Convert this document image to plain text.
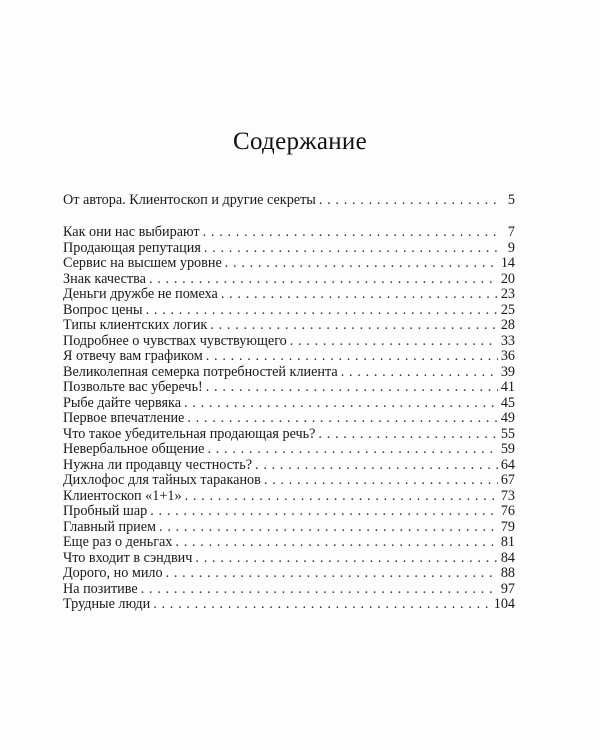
Содержание
От автора. Клиентоскоп и другие секреты . . .	5
Как они нас выбирают . . .	7
Продающая репутация . . .	9
Сервис на высшем уровне . . .	14
Знак качества . . .	20
Деньги дружбе не помеха . . .	23
Вопрос цены . . .	25
Типы клиентских логик . . .	28
Подробнее о чувствах чувствующего . . .	33
Я отвечу вам графиком . . .	36
Великолепная семерка потребностей клиента . . .	39
Позвольте вас уберечь! . . .	41
Рыбе дайте червяка . . .	45
Первое впечатление . . .	49
Что такое убедительная продающая речь? . . .	55
Невербальное общение . . .	59
Нужна ли продавцу честность? . . .	64
Дихлофос для тайных тараканов . . .	67
Клиентоскоп «1+1» . . .	73
Пробный шар . . .	76
Главный прием . . .	79
Еще раз о деньгах . . .	81
Что входит в сэндвич . . .	84
Дорого, но мило . . .	88
На позитиве . . .	97
Трудные люди . . .	104
